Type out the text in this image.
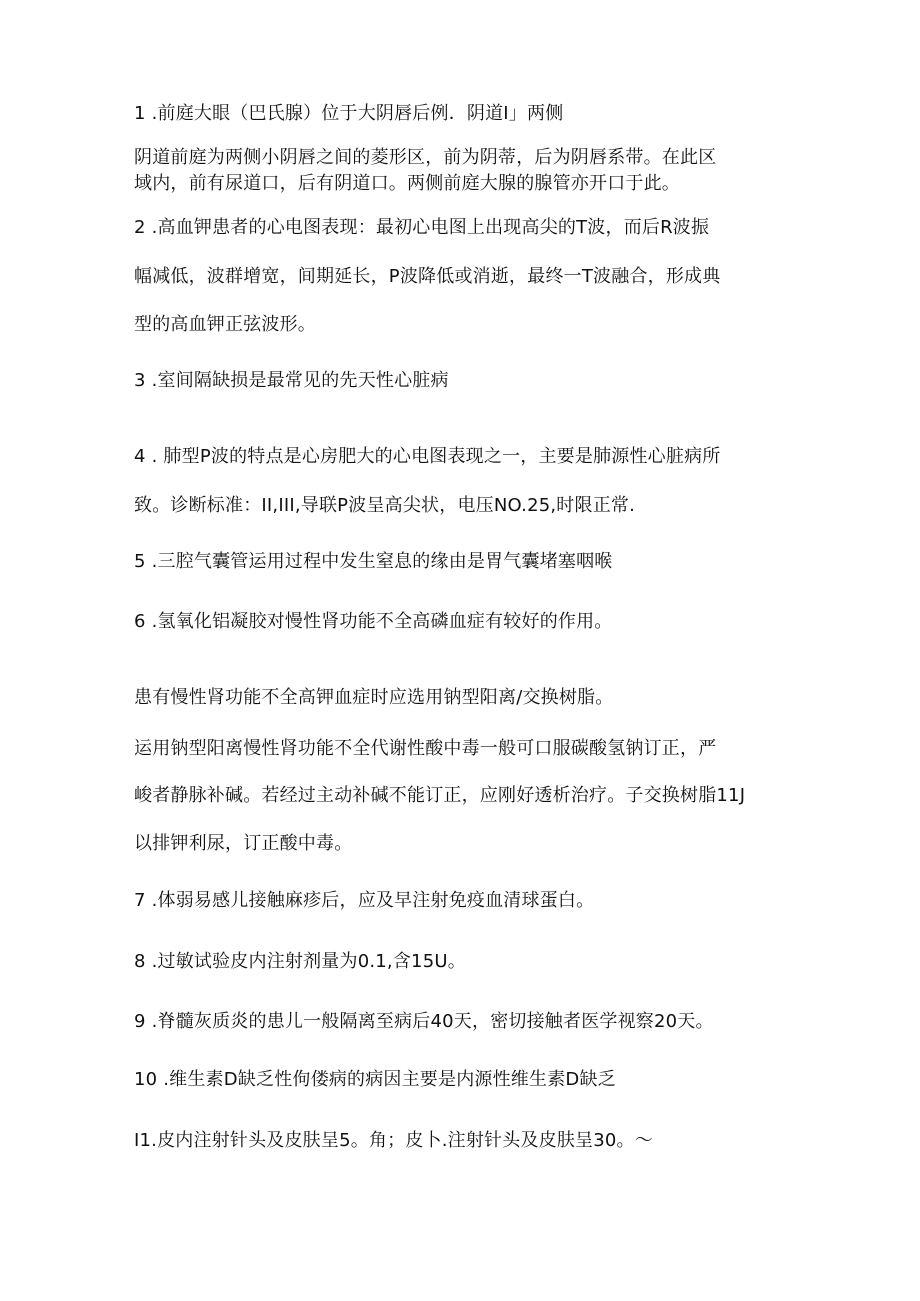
1 .前庭大眼（巴氏腺）位于大阴唇后例．阴道I」两侧
阴道前庭为两侧小阴唇之间的菱形区，前为阴蒂，后为阴唇系带。在此区
域内，前有尿道口，后有阴道口。两侧前庭大腺的腺管亦开口于此。
2 .高血钾患者的心电图表现：最初心电图上出现高尖的T波，而后R波振
幅减低，波群增宽，间期延长，P波降低或消逝，最终一T波融合，形成典
型的高血钾正弦波形。
3 .室间隔缺损是最常见的先天性心脏病
4 . 肺型P波的特点是心房肥大的心电图表现之一，主要是肺源性心脏病所
致。诊断标准：II,III,导联P波呈高尖状，电压NO.25,时限正常.
5 .三腔气囊管运用过程中发生窒息的缘由是胃气囊堵塞咽喉
6 .氢氧化铝凝胶对慢性肾功能不全高磷血症有较好的作用。
患有慢性肾功能不全高钾血症时应选用钠型阳离/交换树脂。
运用钠型阳离慢性肾功能不全代谢性酸中毒一般可口服碳酸氢钠订正，严
峻者静脉补碱。若经过主动补碱不能订正，应刚好透析治疗。子交换树脂11J
以排钾利尿，订正酸中毒。
7 .体弱易感儿接触麻疹后，应及早注射免疫血清球蛋白。
8 .过敏试验皮内注射剂量为0.1,含15U。
9 .脊髓灰质炎的患儿一般隔离至病后40天，密切接触者医学视察20天。
10 .维生素D缺乏性佝偻病的病因主要是内源性维生素D缺乏
I1.皮内注射针头及皮肤呈5。角；皮卜.注射针头及皮肤呈30。〜
